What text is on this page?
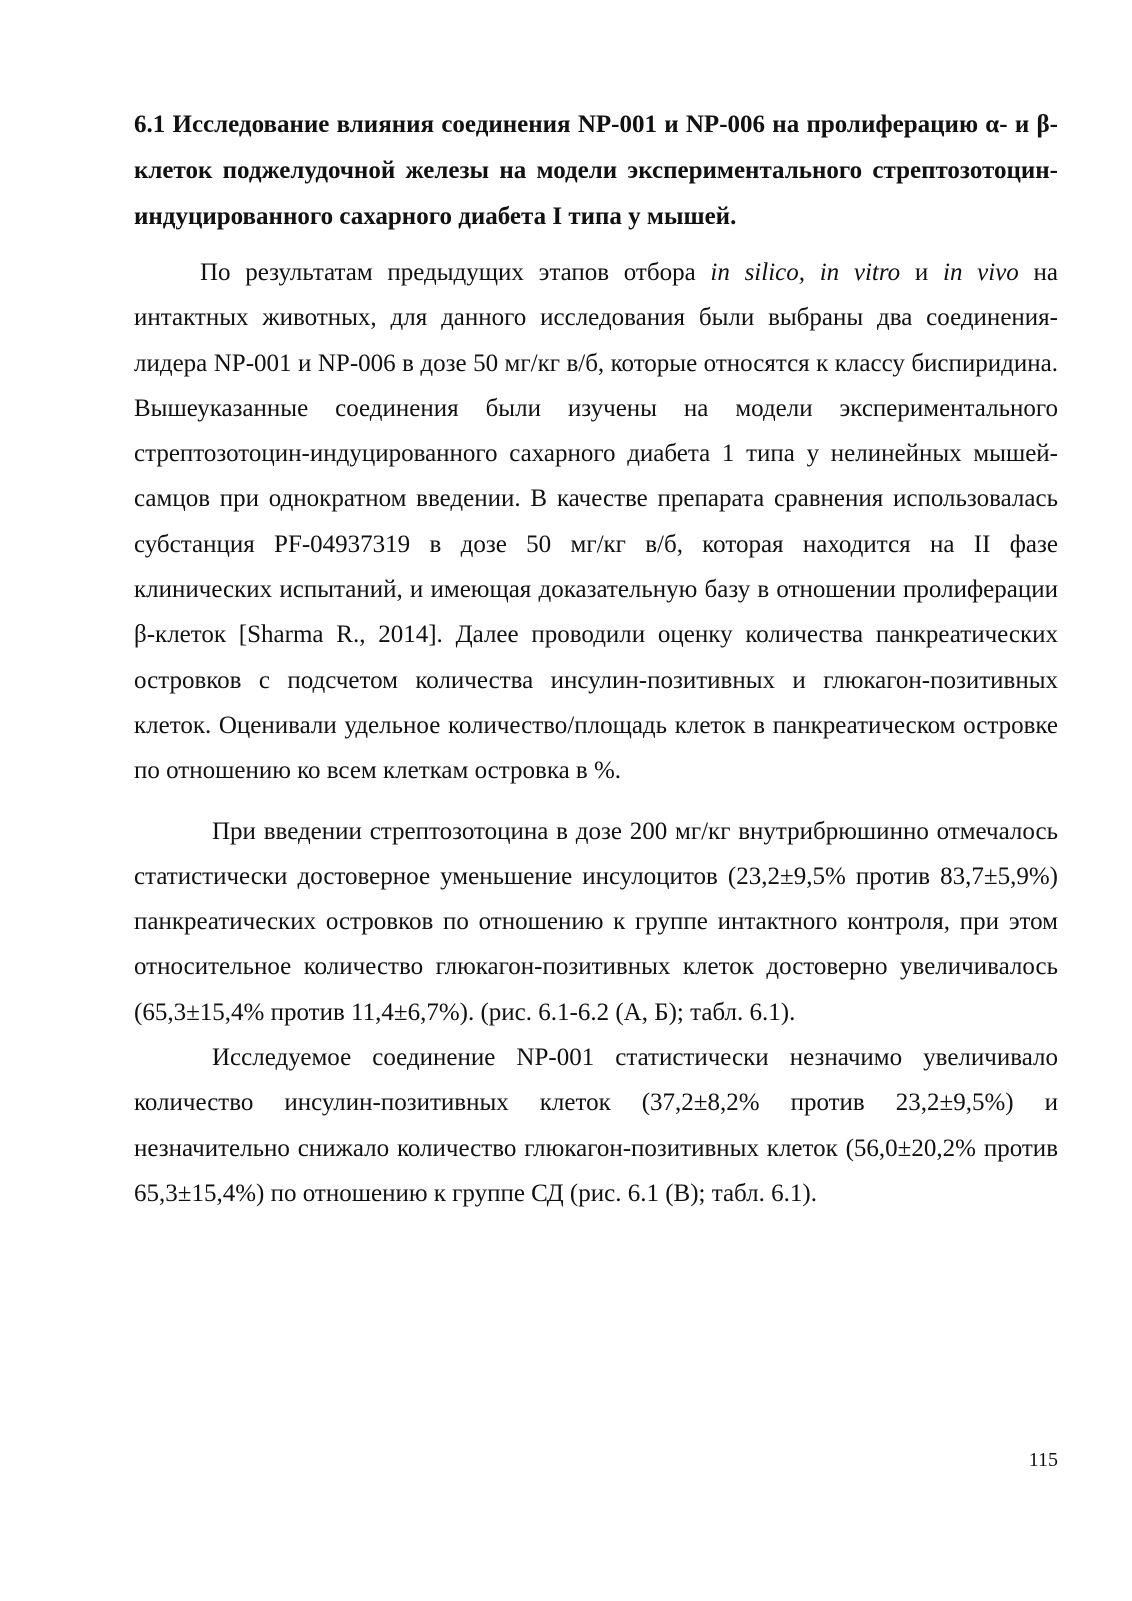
6.1 Исследование влияния соединения NP-001 и NP-006 на пролиферацию α- и β-клеток поджелудочной железы на модели экспериментального стрептозотоцин-индуцированного сахарного диабета I типа у мышей.

По результатам предыдущих этапов отбора in silico, in vitro и in vivo на интактных животных, для данного исследования были выбраны два соединения-лидера NP-001 и NP-006 в дозе 50 мг/кг в/б, которые относятся к классу биспиридина. Вышеуказанные соединения были изучены на модели экспериментального стрептозотоцин-индуцированного сахарного диабета 1 типа у нелинейных мышей-самцов при однократном введении. В качестве препарата сравнения использовалась субстанция PF-04937319 в дозе 50 мг/кг в/б, которая находится на II фазе клинических испытаний, и имеющая доказательную базу в отношении пролиферации β-клеток [Sharma R., 2014]. Далее проводили оценку количества панкреатических островков с подсчетом количества инсулин-позитивных и глюкагон-позитивных клеток. Оценивали удельное количество/площадь клеток в панкреатическом островке по отношению ко всем клеткам островка в %.

При введении стрептозотоцина в дозе 200 мг/кг внутрибрюшинно отмечалось статистически достоверное уменьшение инсулоцитов (23,2±9,5% против 83,7±5,9%) панкреатических островков по отношению к группе интактного контроля, при этом относительное количество глюкагон-позитивных клеток достоверно увеличивалось (65,3±15,4% против 11,4±6,7%). (рис. 6.1-6.2 (А, Б); табл. 6.1).

Исследуемое соединение NP-001 статистически незначимо увеличивало количество инсулин-позитивных клеток (37,2±8,2% против 23,2±9,5%) и незначительно снижало количество глюкагон-позитивных клеток (56,0±20,2% против 65,3±15,4%) по отношению к группе СД (рис. 6.1 (В); табл. 6.1).

115
